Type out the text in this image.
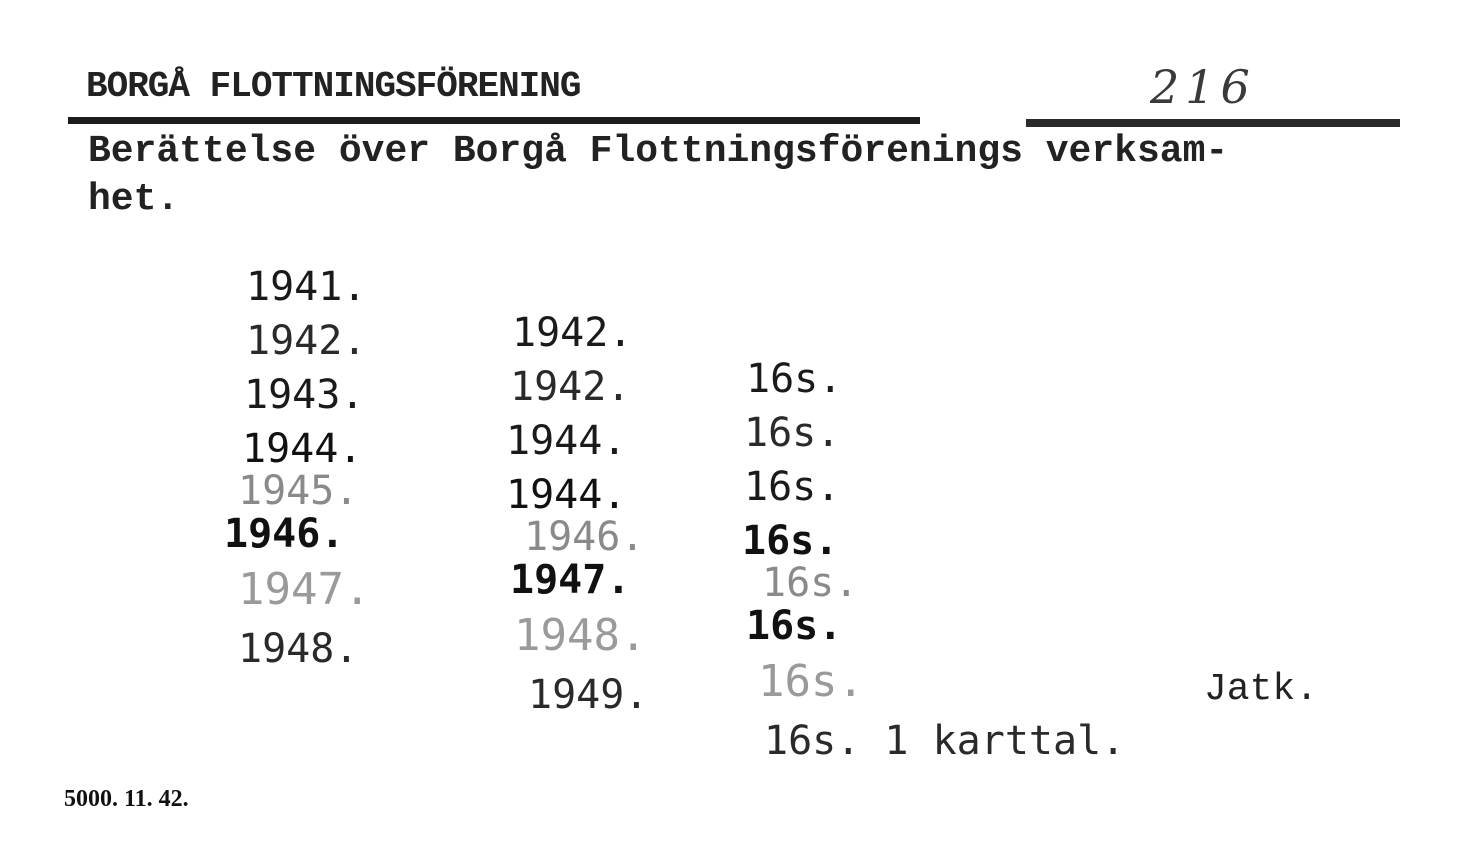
BORGÅ FLOTTNINGSFÖRENING	216
Berättelse över Borgå Flottningsförenings verksam-
het.

1941.

1942.

16s.

1942.

1942.

16s.

1943.

1944.

16s.

1944.

1944.

16s.

1945.

1946.

16s.

1946.

1947.

16s.

1947.

1948.

16s.

1948.

1949.

16s. 1 karttal.

Jatk.
5000. 11. 42.
